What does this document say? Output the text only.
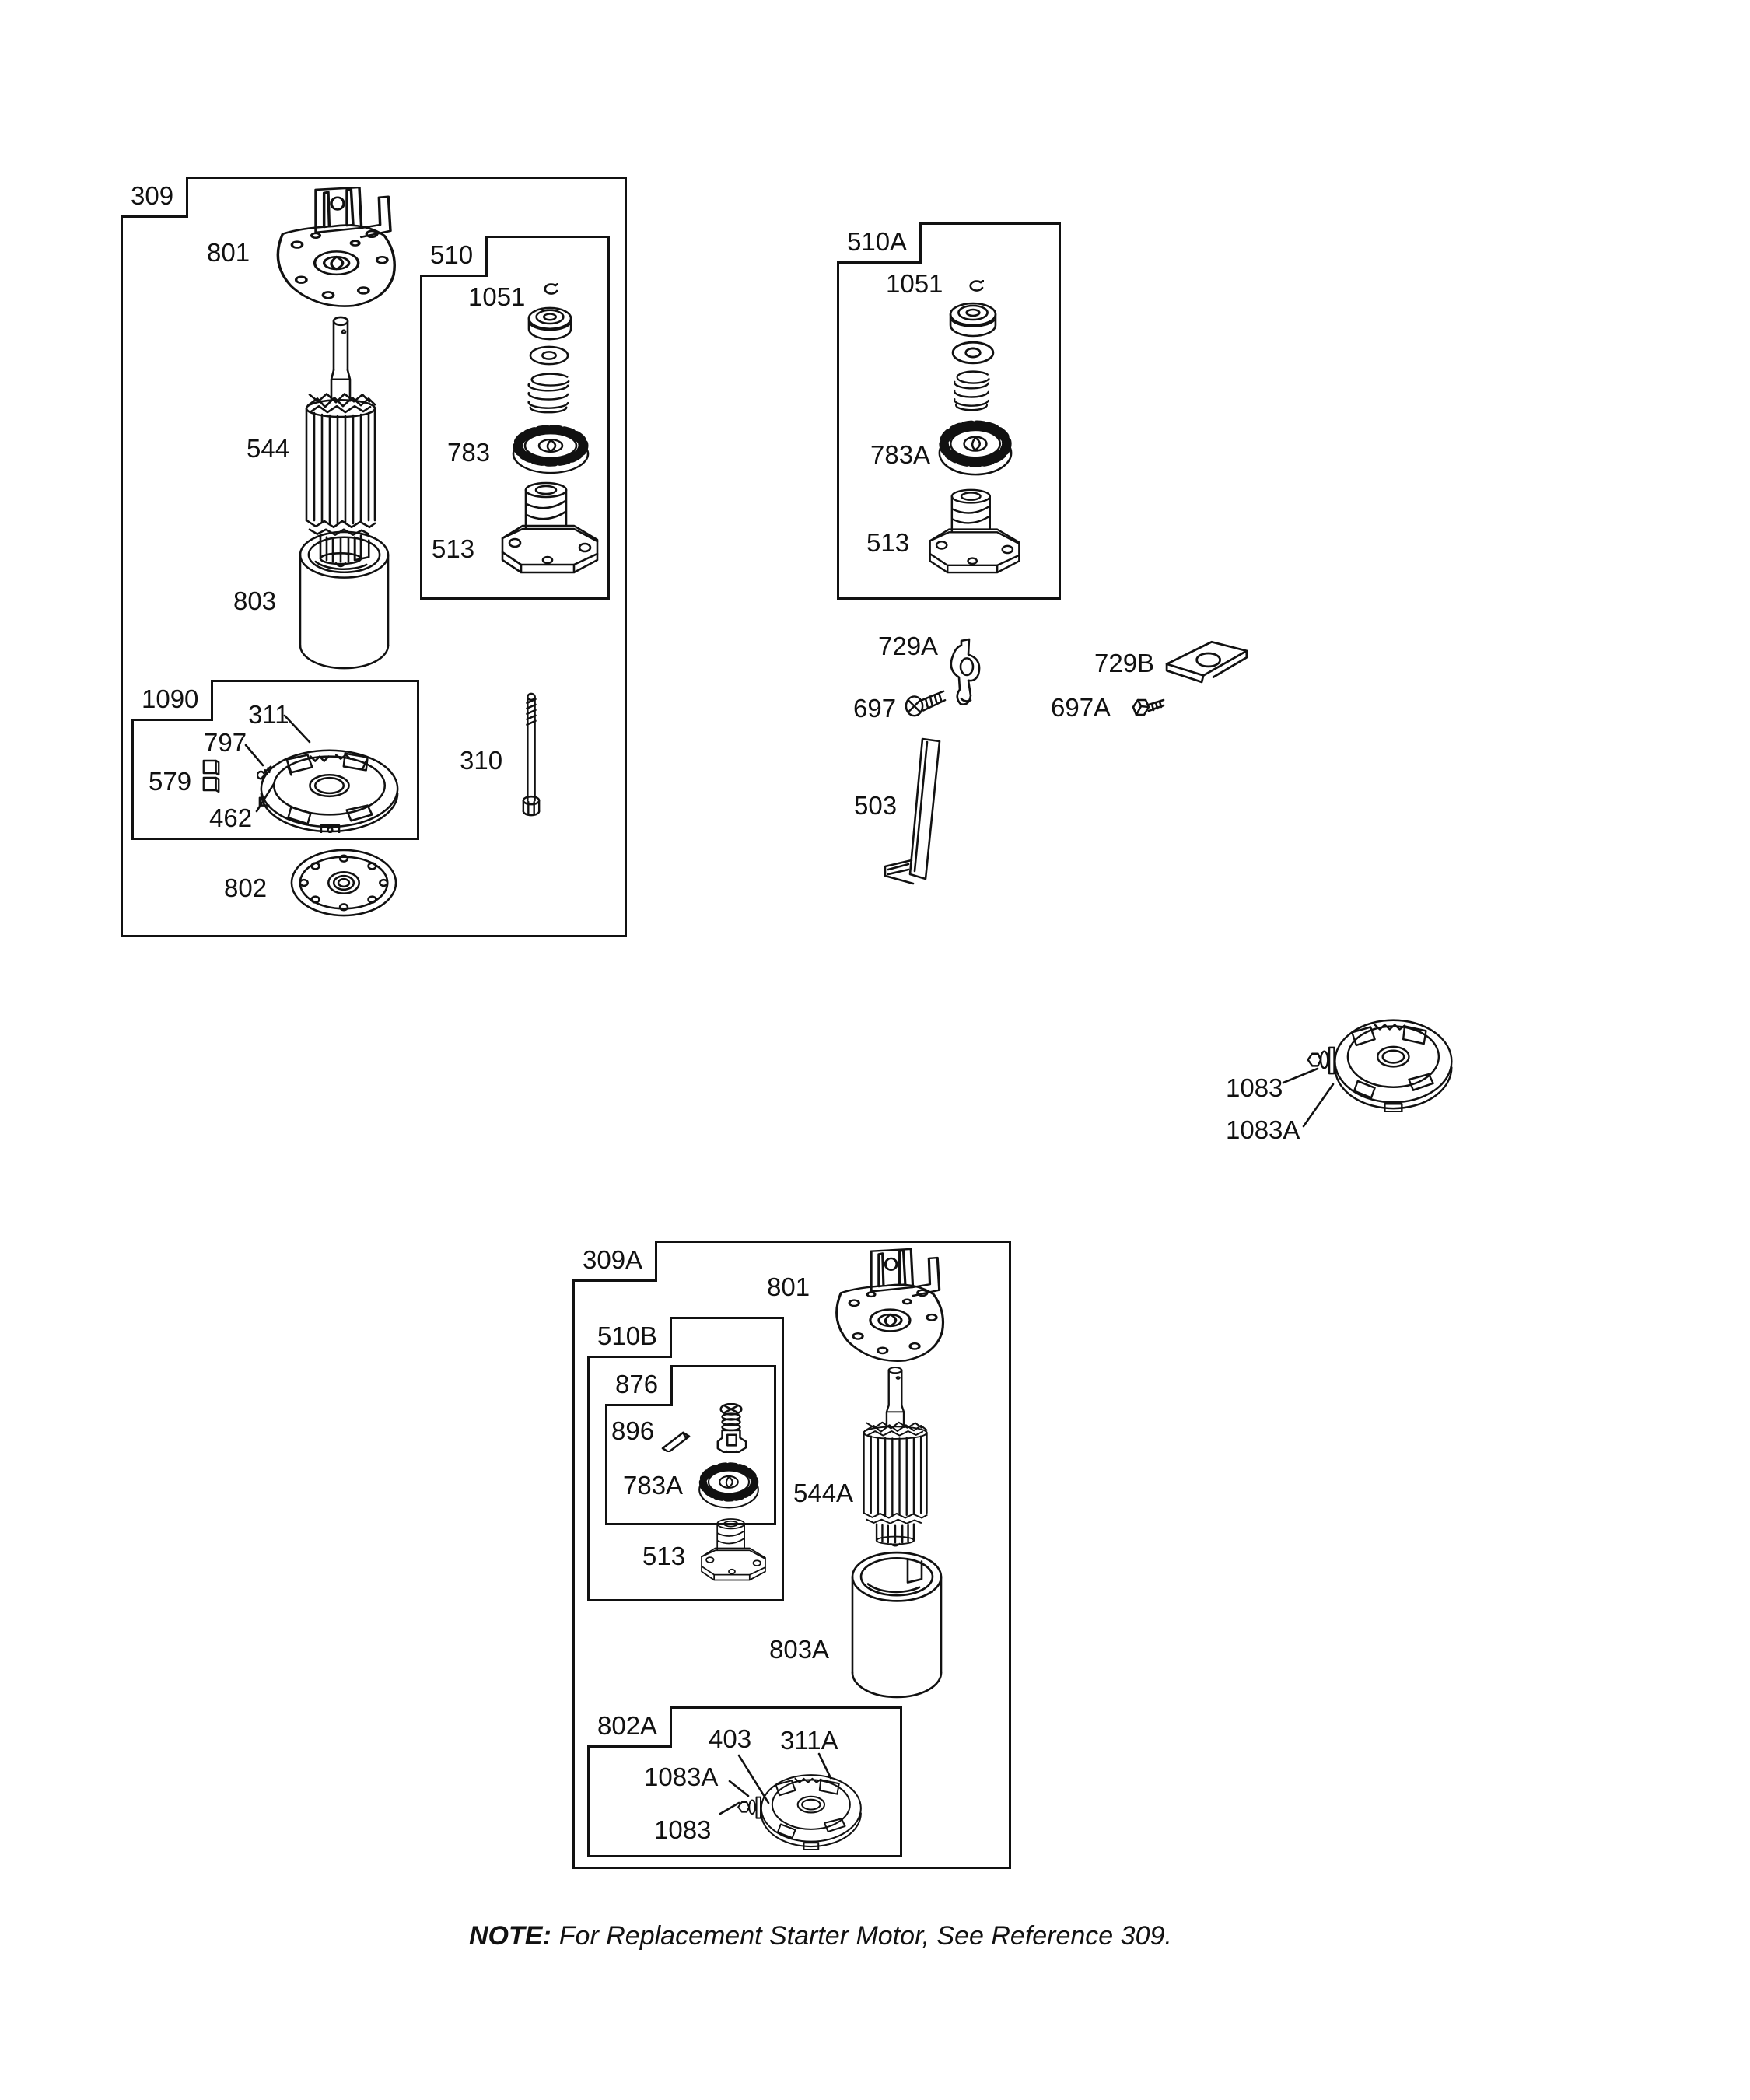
309
510
1090
510A
309A
510B
876
802A
801
544
803
310
802
1051
783
513
311
797
579
462
1051
783A
513
729A
697
729B
697A
503
1083
1083A
801
544A
803A
896
783A
513
403 311A
1083A
1083
NOTE: For Replacement Starter Motor, See Reference 309.
